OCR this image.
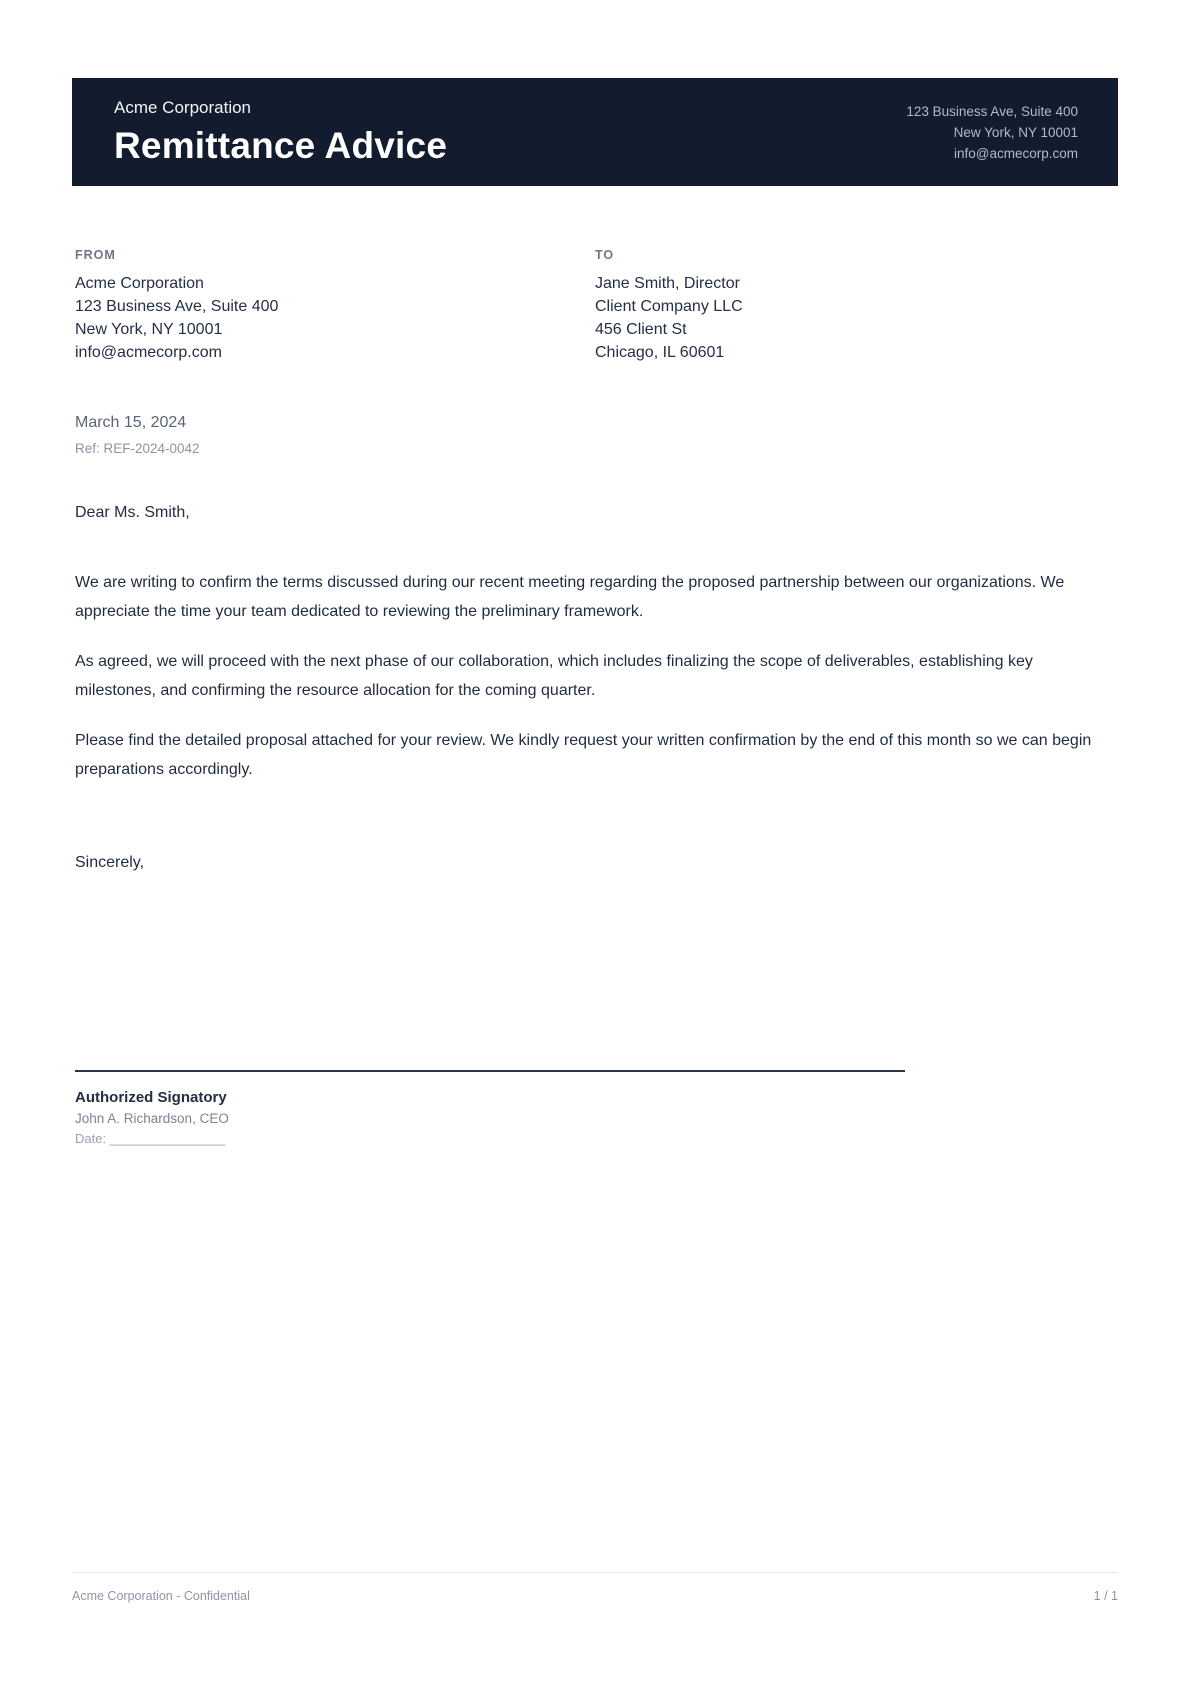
Acme Corporation
Remittance Advice
123 Business Ave, Suite 400
New York, NY 10001
info@acmecorp.com
FROM
Acme Corporation
123 Business Ave, Suite 400
New York, NY 10001
info@acmecorp.com
TO
Jane Smith, Director
Client Company LLC
456 Client St
Chicago, IL 60601
March 15, 2024
Ref: REF-2024-0042
Dear Ms. Smith,

We are writing to confirm the terms discussed during our recent meeting regarding the proposed partnership between our organizations. We appreciate the time your team dedicated to reviewing the preliminary framework.

As agreed, we will proceed with the next phase of our collaboration, which includes finalizing the scope of deliverables, establishing key milestones, and confirming the resource allocation for the coming quarter.

Please find the detailed proposal attached for your review. We kindly request your written confirmation by the end of this month so we can begin preparations accordingly.

Sincerely,
Authorized Signatory
John A. Richardson, CEO
Date: ________________
Acme Corporation - Confidential	1 / 1
